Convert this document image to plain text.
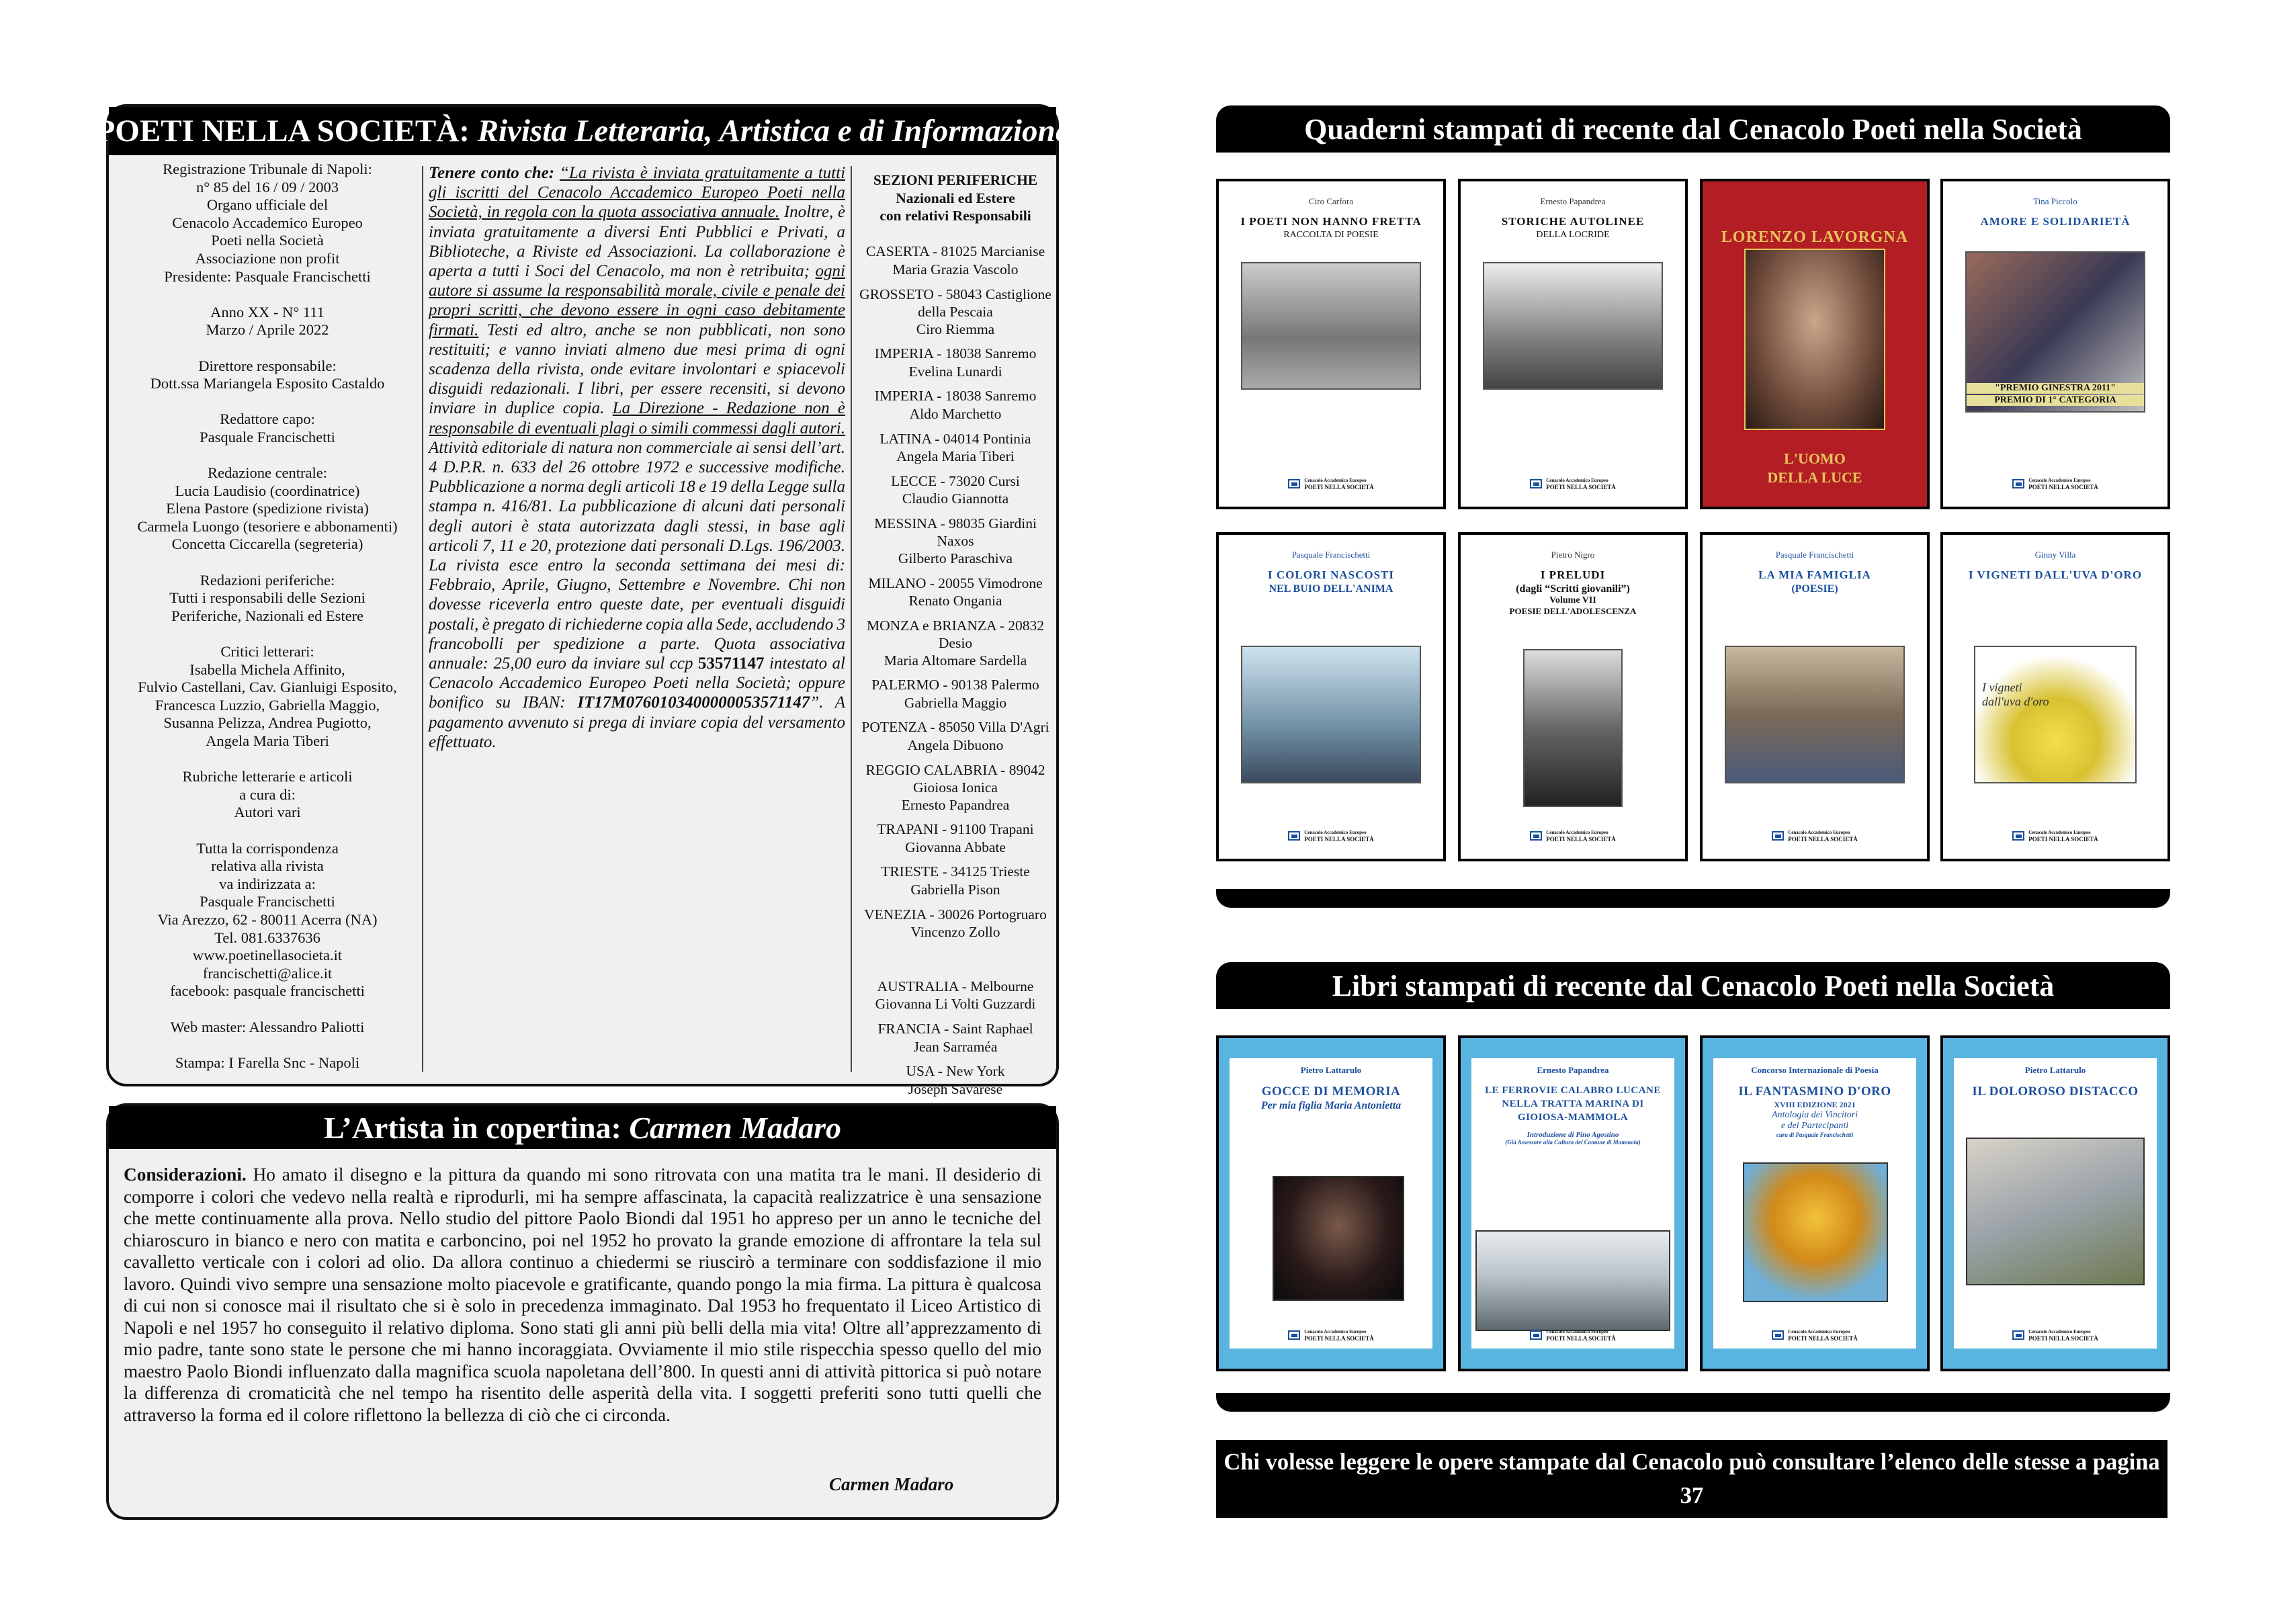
POETI NELLA SOCIETÀ:
Rivista Letteraria, Artistica e di Informazione
Registrazione Tribunale di Napoli:
n° 85 del 16 / 09 / 2003
Organo ufficiale del
Cenacolo Accademico Europeo
Poeti nella Società
Associazione non profit
Presidente: Pasquale Francischetti
Anno XX - N° 111
Marzo / Aprile 2022
Direttore responsabile:
Dott.ssa Mariangela Esposito Castaldo
Redattore capo:
Pasquale Francischetti
Redazione centrale:
Lucia Laudisio (coordinatrice)
Elena Pastore (spedizione rivista)
Carmela Luongo (tesoriere e abbonamenti)
Concetta Ciccarella (segreteria)
Redazioni periferiche:
Tutti i responsabili delle Sezioni
Periferiche, Nazionali ed Estere
Critici letterari:
Isabella Michela Affinito,
Fulvio Castellani, Cav. Gianluigi Esposito,
Francesca Luzzio, Gabriella Maggio,
Susanna Pelizza, Andrea Pugiotto,
Angela Maria Tiberi
Rubriche letterarie e articoli
a cura di:
Autori vari
Tutta la corrispondenza
relativa alla rivista
va indirizzata a:
Pasquale Francischetti
Via Arezzo, 62 - 80011 Acerra (NA)
Tel. 081.6337636
www.poetinellasocieta.it
francischetti@alice.it
facebook: pasquale francischetti
Web master: Alessandro Paliotti
Stampa: I Farella Snc - Napoli
Tenere conto che: “La rivista è inviata gratuitamente a tutti gli iscritti del Cenacolo Accademico Europeo Poeti nella Società, in regola con la quota associativa annuale. Inoltre, è inviata gratuitamente a diversi Enti Pubblici e Privati, a Biblioteche, a Riviste ed Associazioni. La collaborazione è aperta a tutti i Soci del Cenacolo, ma non è retribuita; ogni autore si assume la responsabilità morale, civile e penale dei propri scritti, che devono essere in ogni caso debitamente firmati. Testi ed altro, anche se non pubblicati, non sono restituiti; e vanno inviati almeno due mesi prima di ogni scadenza della rivista, onde evitare involontari e spiacevoli disguidi redazionali. I libri, per essere recensiti, si devono inviare in duplice copia. La Direzione - Redazione non è responsabile di eventuali plagi o simili commessi dagli autori. Attività editoriale di natura non commerciale ai sensi dell’art. 4 D.P.R. n. 633 del 26 ottobre 1972 e successive modifiche. Pubblicazione a norma degli articoli 18 e 19 della Legge sulla stampa n. 416/81. La pubblicazione di alcuni dati personali degli autori è stata autorizzata dagli stessi, in base agli articoli 7, 11 e 20, protezione dati personali D.Lgs. 196/2003. La rivista esce entro la seconda settimana dei mesi di: Febbraio, Aprile, Giugno, Settembre e Novembre. Chi non dovesse riceverla entro queste date, per eventuali disguidi postali, è pregato di richiederne copia alla Sede, accludendo 3 francobolli per spedizione a parte. Quota associativa annuale: 25,00 euro da inviare sul ccp 53571147 intestato al Cenacolo Accademico Europeo Poeti nella Società; oppure bonifico su IBAN: IT17M0760103400000053571147”. A pagamento avvenuto si prega di inviare copia del versamento effettuato.
SEZIONI PERIFERICHE
Nazionali ed Estere
con relativi Responsabili
CASERTA - 81025 Marcianise
Maria Grazia Vascolo
GROSSETO - 58043 Castiglione della Pescaia
Ciro Riemma
IMPERIA - 18038 Sanremo
Evelina Lunardi
IMPERIA - 18038 Sanremo
Aldo Marchetto
LATINA - 04014 Pontinia
Angela Maria Tiberi
LECCE - 73020 Cursi
Claudio Giannotta
MESSINA - 98035 Giardini Naxos
Gilberto Paraschiva
MILANO - 20055 Vimodrone
Renato Ongania
MONZA e BRIANZA - 20832 Desio
Maria Altomare Sardella
PALERMO - 90138 Palermo
Gabriella Maggio
POTENZA - 85050 Villa D'Agri
Angela Dibuono
REGGIO CALABRIA - 89042 Gioiosa Ionica
Ernesto Papandrea
TRAPANI - 91100 Trapani
Giovanna Abbate
TRIESTE - 34125 Trieste
Gabriella Pison
VENEZIA - 30026 Portogruaro
Vincenzo Zollo
AUSTRALIA - Melbourne
Giovanna Li Volti Guzzardi
FRANCIA - Saint Raphael
Jean Sarraméa
USA - New York
Joseph Savarese
L’Artista in copertina:
Carmen Madaro
Considerazioni. Ho amato il disegno e la pittura da quando mi sono ritrovata con una matita tra le mani. Il desiderio di comporre i colori che vedevo nella realtà e riprodurli, mi ha sempre affascinata, la capacità realizzatrice è una sensazione che mette continuamente alla prova. Nello studio del pittore Paolo Biondi dal 1951 ho appreso per un anno le tecniche del chiaroscuro in bianco e nero con matita e carboncino, poi nel 1952 ho provato la grande emozione di affrontare la tela sul cavalletto verticale con i colori ad olio. Da allora continuo a chiedermi se riuscirò a terminare con soddisfazione il mio lavoro. Quindi vivo sempre una sensazione molto piacevole e gratificante, quando pongo la mia firma. La pittura è qualcosa di cui non si conosce mai il risultato che si è solo in precedenza immaginato. Dal 1953 ho frequentato il Liceo Artistico di Napoli e nel 1957 ho conseguito il relativo diploma. Sono stati gli anni più belli della mia vita! Oltre all’apprezzamento di mio padre, tante sono state le persone che mi hanno incoraggiata. Ovviamente il mio stile rispecchia spesso quello del mio maestro Paolo Biondi influenzato dalla magnifica scuola napoletana dell’800. In questi anni di attività pittorica si può notare la differenza di cromaticità che nel tempo ha risentito delle asperità della vita. I soggetti preferiti sono tutti quelli che attraverso la forma ed il colore riflettono la bellezza di ciò che ci circonda.
Carmen Madaro
Quaderni stampati di recente dal Cenacolo Poeti nella Società
Ciro Carfora
I POETI NON HANNO FRETTA
RACCOLTA DI POESIE
Cenacolo Accademico Europeo
POETI NELLA SOCIETÀ
Ernesto Papandrea
STORICHE AUTOLINEE
DELLA LOCRIDE
Cenacolo Accademico Europeo
POETI NELLA SOCIETÀ
LORENZO LAVORGNA
L'UOMO
DELLA LUCE
Tina Piccolo
AMORE E SOLIDARIETÀ
"PREMIO GINESTRA 2011"
PREMIO DI 1° CATEGORIA
Cenacolo Accademico Europeo
POETI NELLA SOCIETÀ
Pasquale Francischetti
I COLORI NASCOSTI
NEL BUIO DELL'ANIMA
Cenacolo Accademico Europeo
POETI NELLA SOCIETÀ
Pietro Nigro
I PRELUDI
(dagli “Scritti giovanili”)
Volume VII
POESIE DELL'ADOLESCENZA
Cenacolo Accademico Europeo
POETI NELLA SOCIETÀ
Pasquale Francischetti
LA MIA FAMIGLIA
(POESIE)
Cenacolo Accademico Europeo
POETI NELLA SOCIETÀ
Ginny Villa
I VIGNETI DALL'UVA D'ORO
I vigneti dall'uva d'oro
Cenacolo Accademico Europeo
POETI NELLA SOCIETÀ
Libri stampati di recente dal Cenacolo Poeti nella Società
Pietro Lattarulo
GOCCE DI MEMORIA
Per mia figlia Maria Antonietta
Cenacolo Accademico Europeo
POETI NELLA SOCIETÀ
Ernesto Papandrea
LE FERROVIE CALABRO LUCANE NELLA TRATTA MARINA DI GIOIOSA-MAMMOLA
Introduzione di Pino Agostino
(Già Assessore alla Cultura del Comune di Mammola)
Cenacolo Accademico Europeo
POETI NELLA SOCIETÀ
Concorso Internazionale di Poesia
IL FANTASMINO D'ORO
XVIII EDIZIONE 2021
Antologia dei Vincitori
e dei Partecipanti
cura di Pasquale Francischetti
Cenacolo Accademico Europeo
POETI NELLA SOCIETÀ
Pietro Lattarulo
IL DOLOROSO DISTACCO
Cenacolo Accademico Europeo
POETI NELLA SOCIETÀ
Chi volesse leggere le opere stampate dal Cenacolo può consultare l’elenco delle stesse a pagina 37
della presente rivista o, in alternativa, visitare il sito www.poetinellasocieta.it/pubblicazioni.asp
